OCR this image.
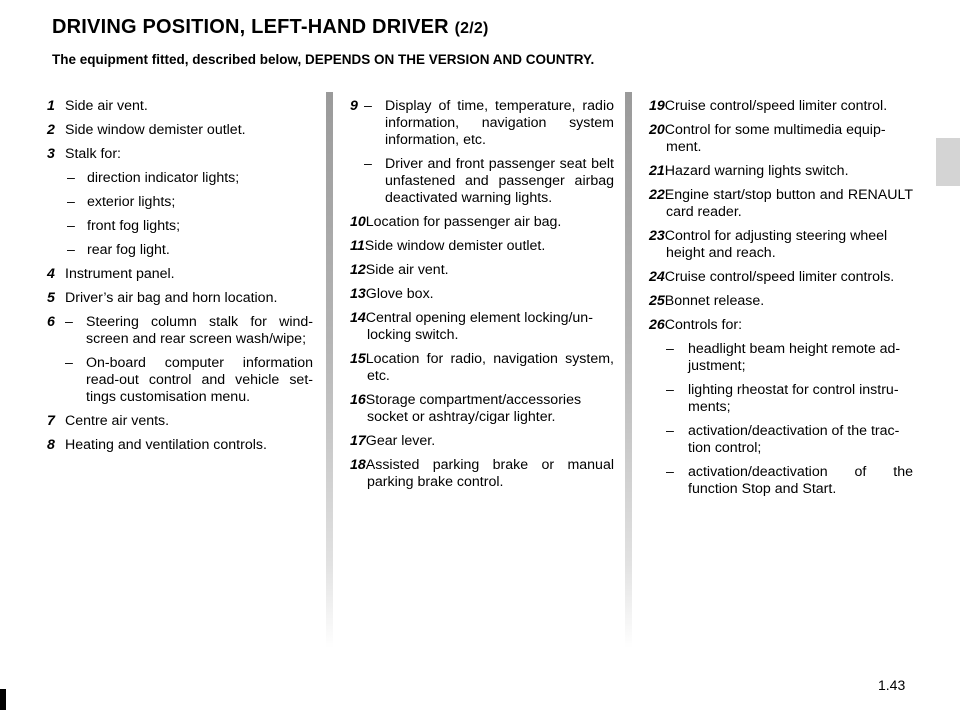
DRIVING POSITION, LEFT-HAND DRIVER (2/2)
The equipment fitted, described below, DEPENDS ON THE VERSION AND COUNTRY.
1 Side air vent.
2 Side window demister outlet.
3 Stalk for:
– direction indicator lights;
– exterior lights;
– front fog lights;
– rear fog light.
4 Instrument panel.
5 Driver’s air bag and horn location.
6 – Steering column stalk for wind-screen and rear screen wash/wipe;
– On-board computer information read-out control and vehicle set-tings customisation menu.
7 Centre air vents.
8 Heating and ventilation controls.
9 – Display of time, temperature, radio information, navigation system information, etc.
– Driver and front passenger seat belt unfastened and passenger airbag deactivated warning lights.
10Location for passenger air bag.
11Side window demister outlet.
12Side air vent.
13Glove box.
14Central opening element locking/un-locking switch.
15Location for radio, navigation system, etc.
16Storage compartment/accessories socket or ashtray/cigar lighter.
17Gear lever.
18Assisted parking brake or manual parking brake control.
19Cruise control/speed limiter control.
20Control for some multimedia equip-ment.
21Hazard warning lights switch.
22Engine start/stop button and RENAULT card reader.
23Control for adjusting steering wheel height and reach.
24Cruise control/speed limiter controls.
25Bonnet release.
26Controls for:
– headlight beam height remote ad-justment;
– lighting rheostat for control instru-ments;
– activation/deactivation of the trac-tion control;
– activation/deactivation of the function Stop and Start.
1.43
